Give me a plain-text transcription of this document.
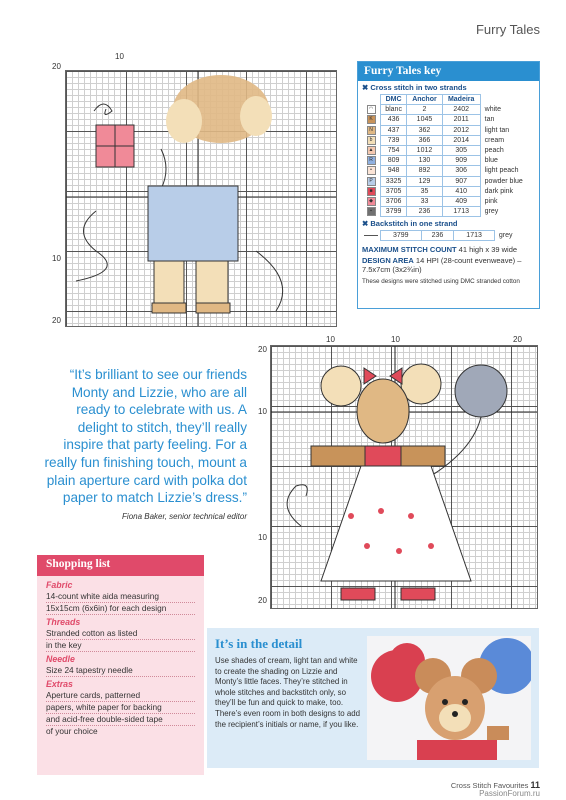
Furry Tales
10
20
10
20
Furry Tales key
✖ Cross stitch in two strands
	DMC	Anchor	Madeira	
◠	blanc	2	2402	white
K	436	1045	2011	tan
N	437	362	2012	light tan
b	739	366	2014	cream
▲	754	1012	305	peach
R	809	130	909	blue
•	948	892	306	light peach
P	3325	129	907	powder blue
■	3705	35	410	dark pink
◆	3706	33	409	pink
▪	3799	236	1713	grey
✖ Backstitch in one strand
	3799	236	1713	grey
MAXIMUM STITCH COUNT 41 high x 39 wide
DESIGN AREA 14 HPI (28-count evenweave) – 7.5x7cm (3x2¾in)
These designs were stitched using DMC stranded cotton
10	10	20
20
10
10
20
“It’s brilliant to see our friends Monty and Lizzie, who are all ready to celebrate with us. A delight to stitch, they’ll really inspire that party feeling. For a really fun finishing touch, mount a plain aperture card with polka dot paper to match Lizzie’s dress.”
Fiona Baker, senior technical editor
Shopping list
Fabric
14-count white aida measuring
15x15cm (6x6in) for each design
Threads
Stranded cotton as listed
in the key
Needle
Size 24 tapestry needle
Extras
Aperture cards, patterned
papers, white paper for backing
and acid-free double-sided tape
of your choice
It’s in the detail
Use shades of cream, light tan and white to create the shading on Lizzie and Monty’s little faces. They’re stitched in whole stitches and backstitch only, so they’ll be fun and quick to make, too. There’s even room in both designs to add the recipient’s initials or name, if you like.
Cross Stitch Favourites 11
PassionForum.ru
